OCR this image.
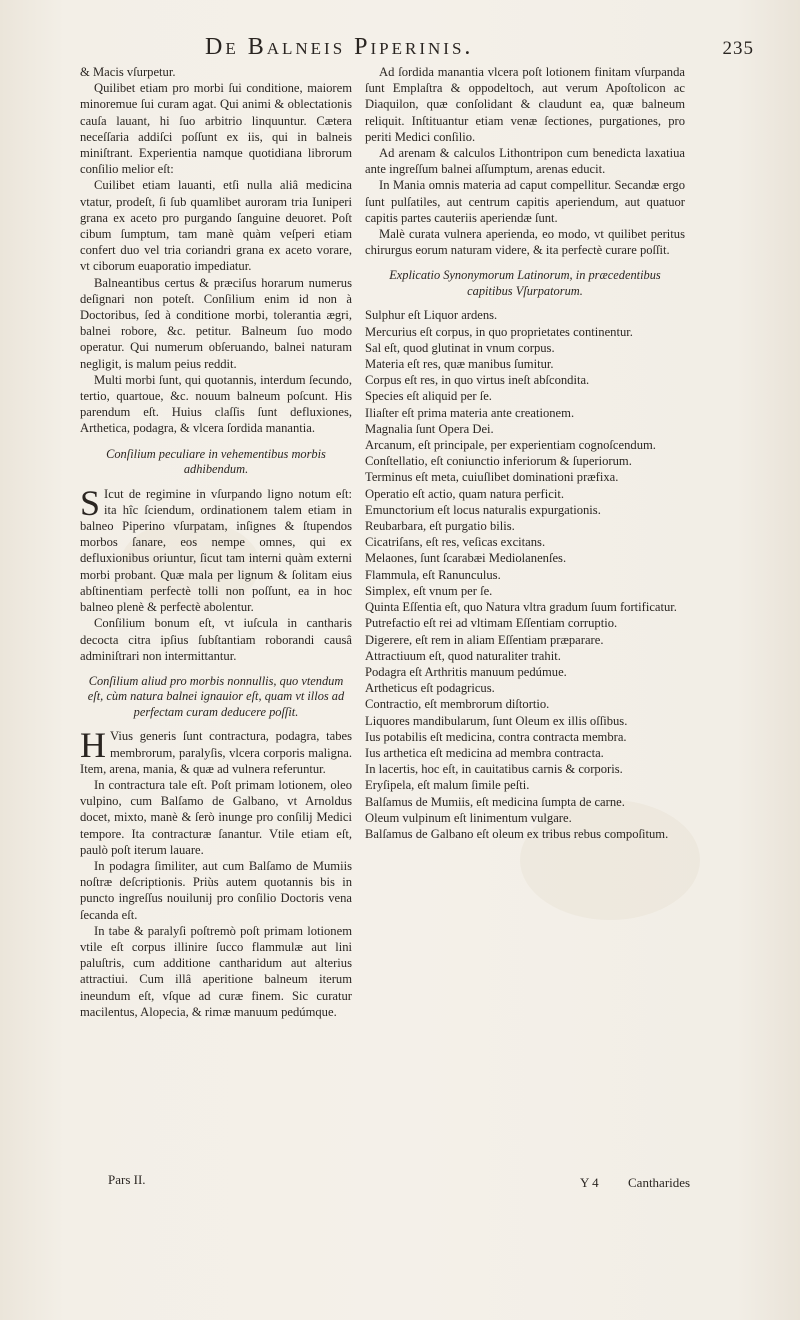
De Balneis Piperinis.	235

& Macis vſurpetur.

Quilibet etiam pro morbi ſui conditione, maiorem minoremue ſui curam agat. Qui animi & oblectationis cauſa lauant, hi ſuo arbitrio linquuntur. Cætera neceſſaria addiſci poſſunt ex iis, qui in balneis miniſtrant. Experientia namque quotidiana librorum conſilio melior eſt:

Cuilibet etiam lauanti, etſi nulla aliâ medicina vtatur, prodeſt, ſi ſub quamlibet auroram tria Iuniperi grana ex aceto pro purgando ſanguine deuoret. Poſt cibum ſumptum, tam manè quàm veſperi etiam confert duo vel tria coriandri grana ex aceto vorare, vt ciborum euaporatio impediatur.

Balneantibus certus & præciſus horarum numerus deſignari non poteſt. Conſilium enim id non à Doctoribus, ſed à conditione morbi, tolerantia ægri, balnei robore, &c. petitur. Balneum ſuo modo operatur. Qui numerum obſeruando, balnei naturam negligit, is malum peius reddit.

Multi morbi ſunt, qui quotannis, interdum ſecundo, tertio, quartoue, &c. nouum balneum poſcunt. His parendum eſt. Huius claſſis ſunt defluxiones, Arthetica, podagra, & vlcera ſordida manantia.

Conſilium peculiare in vehementibus morbis adhibendum.

S Icut de regimine in vſurpando ligno notum eſt: ita hîc ſciendum, ordinationem talem etiam in balneo Piperino vſurpatam, inſignes & ſtupendos morbos ſanare, eos nempe omnes, qui ex defluxionibus oriuntur, ſicut tam interni quàm externi morbi probant. Quæ mala per lignum & ſolitam eius abſtinentiam perfectè tolli non poſſunt, ea in hoc balneo plenè & perfectè abolentur.

Conſilium bonum eſt, vt iuſcula in cantharis decocta citra ipſius ſubſtantiam roborandi causâ adminiſtrari non intermittantur.

Conſilium aliud pro morbis nonnullis, quo vtendum eſt, cùm natura balnei ignauior eſt, quam vt illos ad perfectam curam deducere poſſit.

H Vius generis ſunt contractura, podagra, tabes membrorum, paralyſis, vlcera corporis maligna. Item, arena, mania, & quæ ad vulnera referuntur.

In contractura tale eſt. Poſt primam lotionem, oleo vulpino, cum Balſamo de Galbano, vt Arnoldus docet, mixto, manè & ſerò inunge pro conſilij Medici tempore. Ita contracturæ ſanantur. Vtile etiam eſt, paulò poſt iterum lauare.

In podagra ſimiliter, aut cum Balſamo de Mumiis noſtræ deſcriptionis. Priùs autem quotannis bis in puncto ingreſſus nouilunij pro conſilio Doctoris vena ſecanda eſt.

In tabe & paralyſi poſtremò poſt primam lotionem vtile eſt corpus illinire ſucco flammulæ aut lini paluſtris, cum additione cantharidum aut alterius attractiui. Cum illâ aperitione balneum iterum ineundum eſt, vſque ad curæ finem. Sic curatur macilentus, Alopecia, & rimæ manuum pedúmque.

Ad ſordida manantia vlcera poſt lotionem finitam vſurpanda ſunt Emplaſtra & oppodeltoch, aut verum Apoſtolicon ac Diaquilon, quæ conſolidant & claudunt ea, quæ balneum reliquit. Inſtituantur etiam venæ ſectiones, purgationes, pro periti Medici conſilio.

Ad arenam & calculos Lithontripon cum benedicta laxatiua ante ingreſſum balnei aſſumptum, arenas educit.

In Mania omnis materia ad caput compellitur. Secandæ ergo ſunt pulſatiles, aut centrum capitis aperiendum, aut quatuor capitis partes cauteriis aperiendæ ſunt.

Malè curata vulnera aperienda, eo modo, vt quilibet peritus chirurgus eorum naturam videre, & ita perfectè curare poſſit.

Explicatio Synonymorum Latinorum, in præcedentibus capitibus Vſurpatorum.

Sulphur eſt Liquor ardens.

Mercurius eſt corpus, in quo proprietates continentur.

Sal eſt, quod glutinat in vnum corpus.

Materia eſt res, quæ manibus ſumitur.

Corpus eſt res, in quo virtus ineſt abſcondita.

Species eſt aliquid per ſe.

Iliaſter eſt prima materia ante creationem.

Magnalia ſunt Opera Dei.

Arcanum, eſt principale, per experientiam cognoſcendum.

Conſtellatio, eſt coniunctio inferiorum & ſuperiorum.

Terminus eſt meta, cuiuſlibet dominationi præfixa.

Operatio eſt actio, quam natura perficit.

Emunctorium eſt locus naturalis expurgationis.

Reubarbara, eſt purgatio bilis.

Cicatriſans, eſt res, veſicas excitans.

Melaones, ſunt ſcarabæi Mediolanenſes.

Flammula, eſt Ranunculus.

Simplex, eſt vnum per ſe.

Quinta Eſſentia eſt, quo Natura vltra gradum ſuum fortificatur.

Putrefactio eſt rei ad vltimam Eſſentiam corruptio.

Digerere, eſt rem in aliam Eſſentiam præparare.

Attractiuum eſt, quod naturaliter trahit.

Podagra eſt Arthritis manuum pedúmue.

Artheticus eſt podagricus.

Contractio, eſt membrorum diſtortio.

Liquores mandibularum, ſunt Oleum ex illis oſſibus.

Ius potabilis eſt medicina, contra contracta membra.

Ius arthetica eſt medicina ad membra contracta.

In lacertis, hoc eſt, in cauitatibus carnis & corporis.

Eryſipela, eſt malum ſimile peſti.

Balſamus de Mumiis, eſt medicina ſumpta de carne.

Oleum vulpinum eſt linimentum vulgare.

Balſamus de Galbano eſt oleum ex tribus rebus compoſitum.

Pars II.	Y 4 Cantharides
